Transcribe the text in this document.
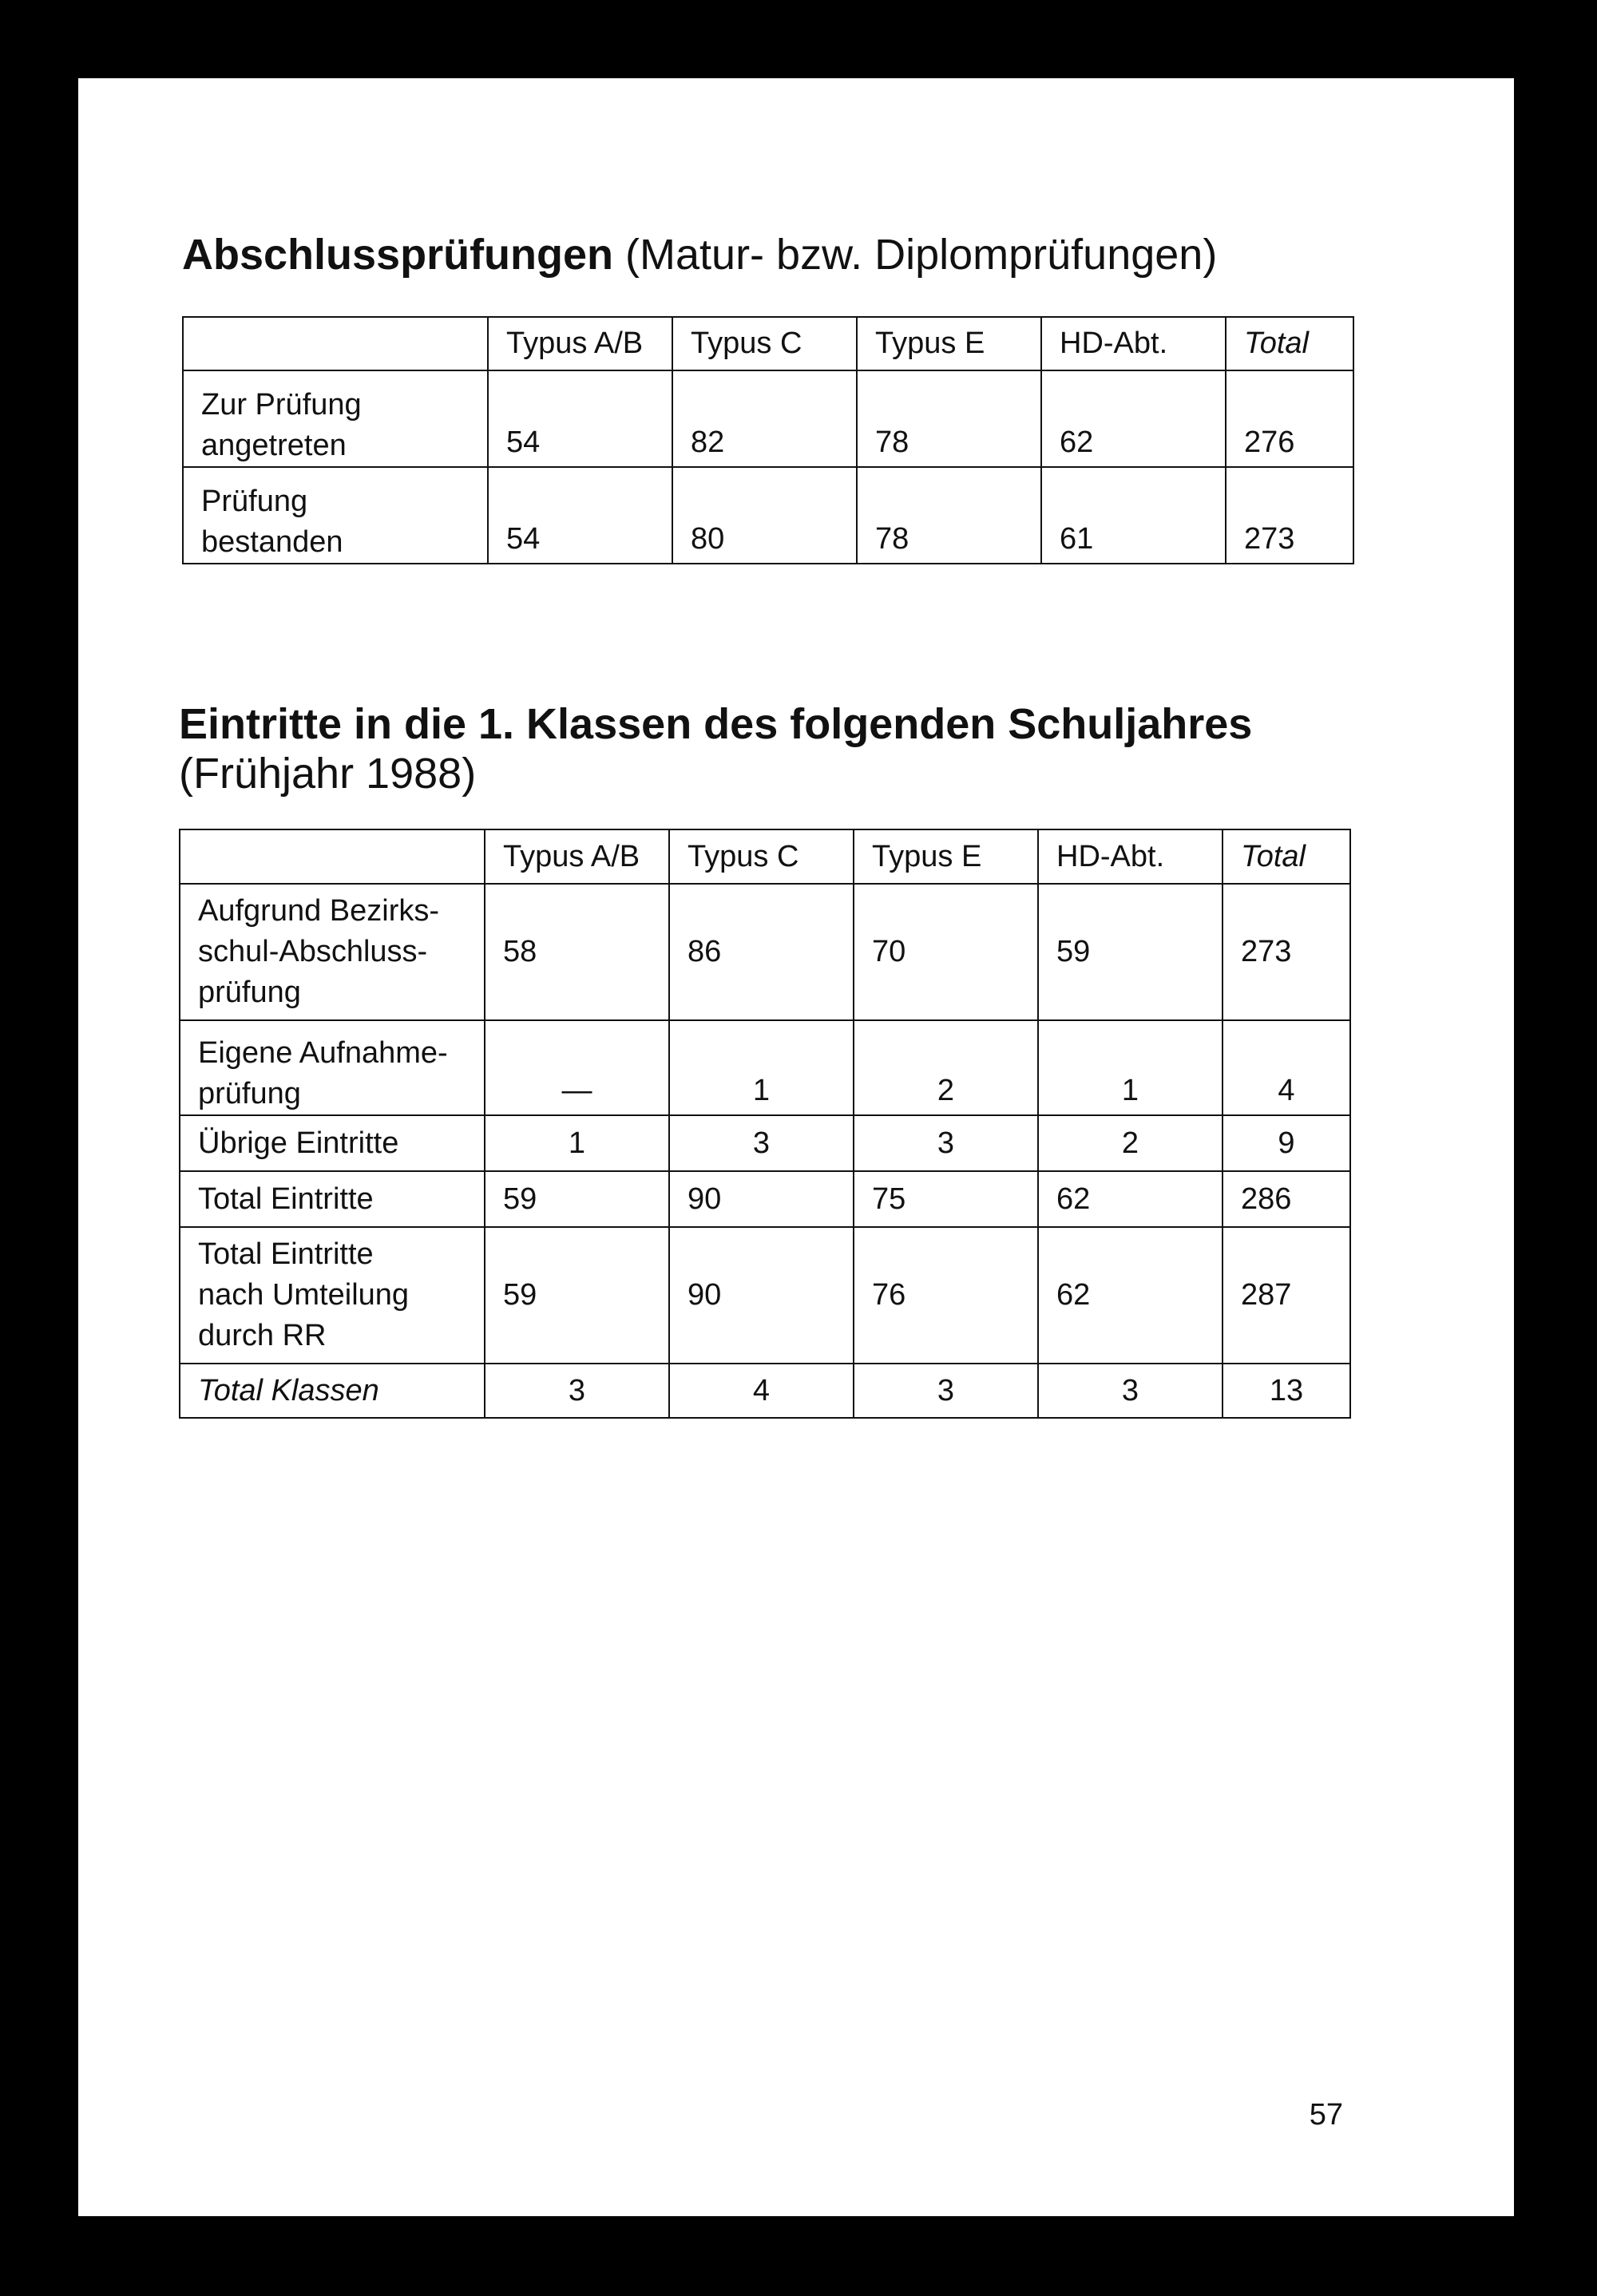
Abschlussprüfungen (Matur- bzw. Diplomprüfungen)
	Typus A/B	Typus C	Typus E	HD-Abt.	Total

Zur Prüfung
angetreten	54	82	78	62	276

Prüfung
bestanden	54	80	78	61	273
Eintritte in die 1. Klassen des folgenden Schuljahres
(Frühjahr 1988)
	Typus A/B	Typus C	Typus E	HD-Abt.	Total

Aufgrund Bezirks-
schul-Abschluss-
prüfung	58	86	70	59	273

Eigene Aufnahme-
prüfung	—	1	2	1	4

Übrige Eintritte	1	3	3	2	9

Total Eintritte	59	90	75	62	286

Total Eintritte
nach Umteilung
durch RR	59	90	76	62	287

Total Klassen	3	4	3	3	13
57
